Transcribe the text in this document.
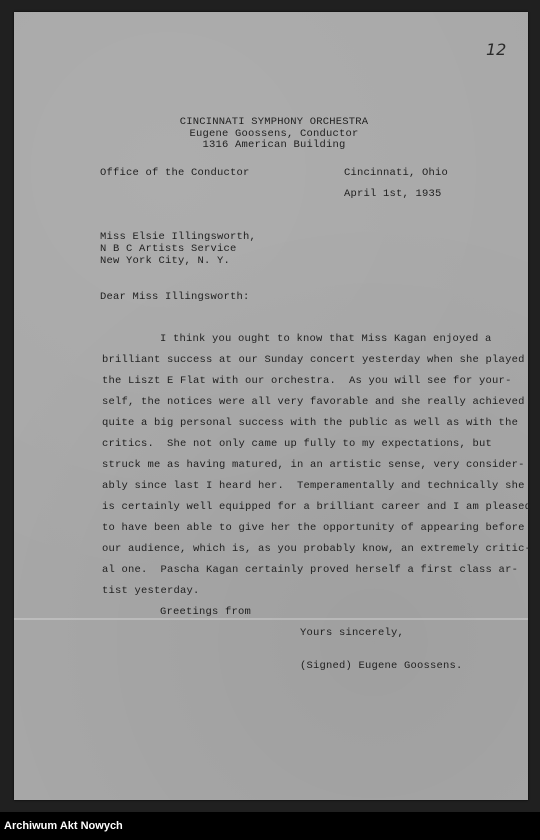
12
CINCINNATI SYMPHONY ORCHESTRA
Eugene Goossens, Conductor
1316 American Building
Office of the Conductor	Cincinnati, Ohio
April 1st, 1935
Miss Elsie Illingsworth,
N B C Artists Service
New York City, N. Y.
Dear Miss Illingsworth:
I think you ought to know that Miss Kagan enjoyed a
brilliant success at our Sunday concert yesterday when she played
the Liszt E Flat with our orchestra.  As you will see for your-
self, the notices were all very favorable and she really achieved
quite a big personal success with the public as well as with the
critics.  She not only came up fully to my expectations, but
struck me as having matured, in an artistic sense, very consider-
ably since last I heard her.  Temperamentally and technically she
is certainly well equipped for a brilliant career and I am pleased
to have been able to give her the opportunity of appearing before
our audience, which is, as you probably know, an extremely critic-
al one.  Pascha Kagan certainly proved herself a first class ar-
tist yesterday.
Greetings from
Yours sincerely,
(Signed) Eugene Goossens.
Archiwum Akt Nowych
